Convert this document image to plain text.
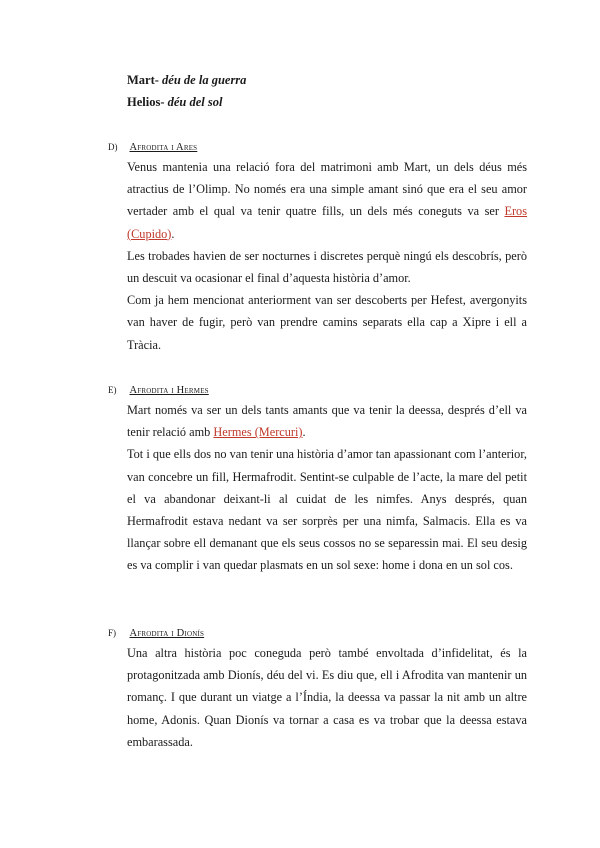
Mart- déu de la guerra
Helios- déu del sol
D) Afrodita i Ares

Venus mantenia una relació fora del matrimoni amb Mart, un dels déus més atractius de l’Olimp. No només era una simple amant sinó que era el seu amor vertader amb el qual va tenir quatre fills, un dels més coneguts va ser Eros (Cupido).

Les trobades havien de ser nocturnes i discretes perquè ningú els descobrís, però un descuit va ocasionar el final d’aquesta història d’amor.

Com ja hem mencionat anteriorment van ser descoberts per Hefest, avergonyits van haver de fugir, però van prendre camins separats ella cap a Xipre i ell a Tràcia.

E) Afrodita i Hermes

Mart només va ser un dels tants amants que va tenir la deessa, després d’ell va tenir relació amb Hermes (Mercuri).

Tot i que ells dos no van tenir una història d’amor tan apassionant com l’anterior, van concebre un fill, Hermafrodit. Sentint-se culpable de l’acte, la mare del petit el va abandonar deixant-li al cuidat de les nimfes. Anys després, quan Hermafrodit estava nedant va ser sorprès per una nimfa, Salmacis. Ella es va llançar sobre ell demanant que els seus cossos no se separessin mai. El seu desig es va complir i van quedar plasmats en un sol sexe: home i dona en un sol cos.

F) Afrodita i Dionís

Una altra història poc coneguda però també envoltada d’infidelitat, és la protagonitzada amb Dionís, déu del vi. Es diu que, ell i Afrodita van mantenir un romanç. I que durant un viatge a l’Índia, la deessa va passar la nit amb un altre home, Adonis. Quan Dionís va tornar a casa es va trobar que la deessa estava embarassada.
